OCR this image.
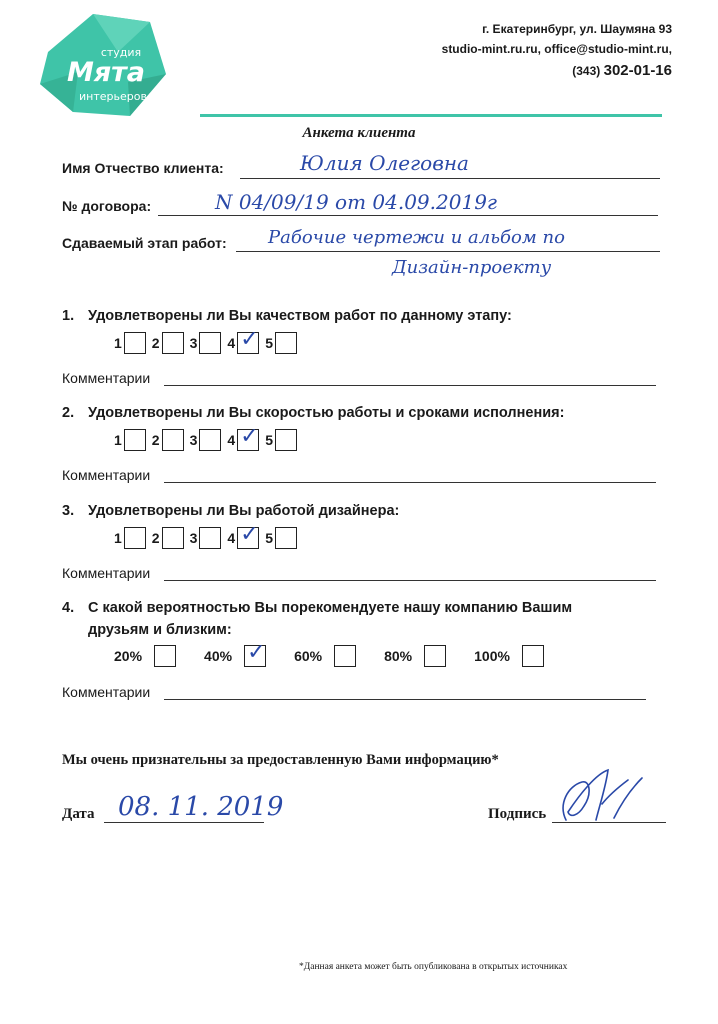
студия
Мята
интерьеров
г. Екатеринбург, ул. Шаумяна 93
studio-mint.ru.ru, office@studio-mint.ru,
(343) 302-01-16
Анкета клиента
Имя Отчество клиента:	Юлия Олеговна
№ договора:	N 04/09/19 от 04.09.2019г
Сдаваемый этап работ: Рабочие чертежи и альбом по
Дизайн-проекту
1. Удовлетворены ли Вы качеством работ по данному этапу:
1 2 3 4 ✓ 5
Комментарии
2. Удовлетворены ли Вы скоростью работы и сроками исполнения:
1 2 3 4 ✓ 5
Комментарии
3. Удовлетворены ли Вы работой дизайнера:
1 2 3 4 ✓ 5
Комментарии
4. С какой вероятностью Вы порекомендуете нашу компанию Вашим
друзьям и близким:
20%	40% ✓ 60%	80%	100%
Комментарии
Мы очень признательны за предоставленную Вами информацию*
Дата 08. 11. 2019	Подпись
*Данная анкета может быть опубликована в открытых источниках
